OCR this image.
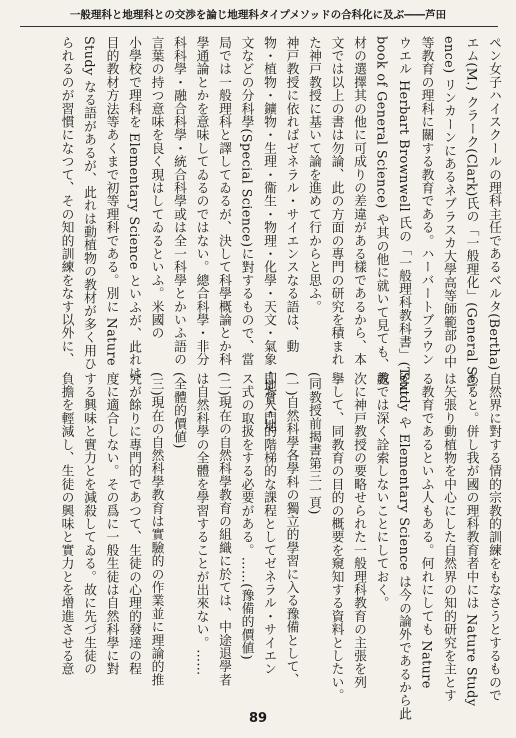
一般理科と地理科との交渉を論じ地理科タイプメソッドの合科化に及ぶ――芦田
ペン女子ハイスクールの理科主任であるベルタ(Bertha)
エム(M.) クラーク(Clark)氏の「一般理化」(General Sci-
ence) リンカーンにあるネブラスカ大學高等師範部の中
等教育の理科に關する教育である。ハーバートブラウン
ウエル Herbart Brownwell 氏の「一般理科教科書」(Text
book of General Science) や其の他に就いて見ても、教
材の選擇其の他に可成りの差違がある樣であるから、本
文では以上の書は勿論、此の方面の專門の研究を積まれ
た神戸教授に基いて論を進めて行からと思ふ。
神戸教授に依ればゼネラル・サイエンスなる語は、動
物・植物・鑛物・生理・衞生・物理・化學・天文・氣象・地質・地
文などの分科學(Special Science)に對するもので、當
局では一般理科と譯してゐるが、決して科學概論とか科
學通論とかを意味してゐるのではない。總合科學・非分
科科學・融合科學・統合科學或は全一科學とかいふ語の
言葉の持つ意味を良く現はしてゐるといふ。米國の
小學校で理科を Elementary Science といふが、此れは
目的教材方法等あくまで初等理科である。別に Nature
Study なる語があるが、此れは動植物の教材が多く用ひ
られるのが習慣になつて、その知的訓練をなす以外に、
自然界に對する情的宗教的訓練をもなさうとするもので
あると。併し我が國の理科教育者中には Nature Study
は矢張り動植物を中心にした自然界の知的研究を主とす
る教育であるといふ人もある。何れにしても Nature
Study や Elementary Science は今の論外であるから此
處では深く詮索しないことにしておく。
次に神戸教授の要略せられた一般理科教育の主張を列
擧して、同教育の目的の概要を窺知する資料としたい。
(同教授前揭書第三一頁)
(一)自然科學各學科の獨立的學習に入る豫備として、
即ち入門的階梯的な課程としてゼネラル・サイエン
ス式の取扱をする必要がある。……(豫備的價値)
(二)現在の自然科學教育の組織に於ては、中途退學者
は自然科學の全體を學習することが出來ない。……
(全體的價値)
(三)現在の自然科學教育は實驗的の作業並に理論的推
究が餘りに專門的であつて、生徒の心理的發達の程
度に適合しない。その爲に一般生徒は自然科學に對
する興味と實力とを減殺してゐる。故に先づ生徒の
負擔を輕減し、生徒の興味と實力とを增進させる意
89
